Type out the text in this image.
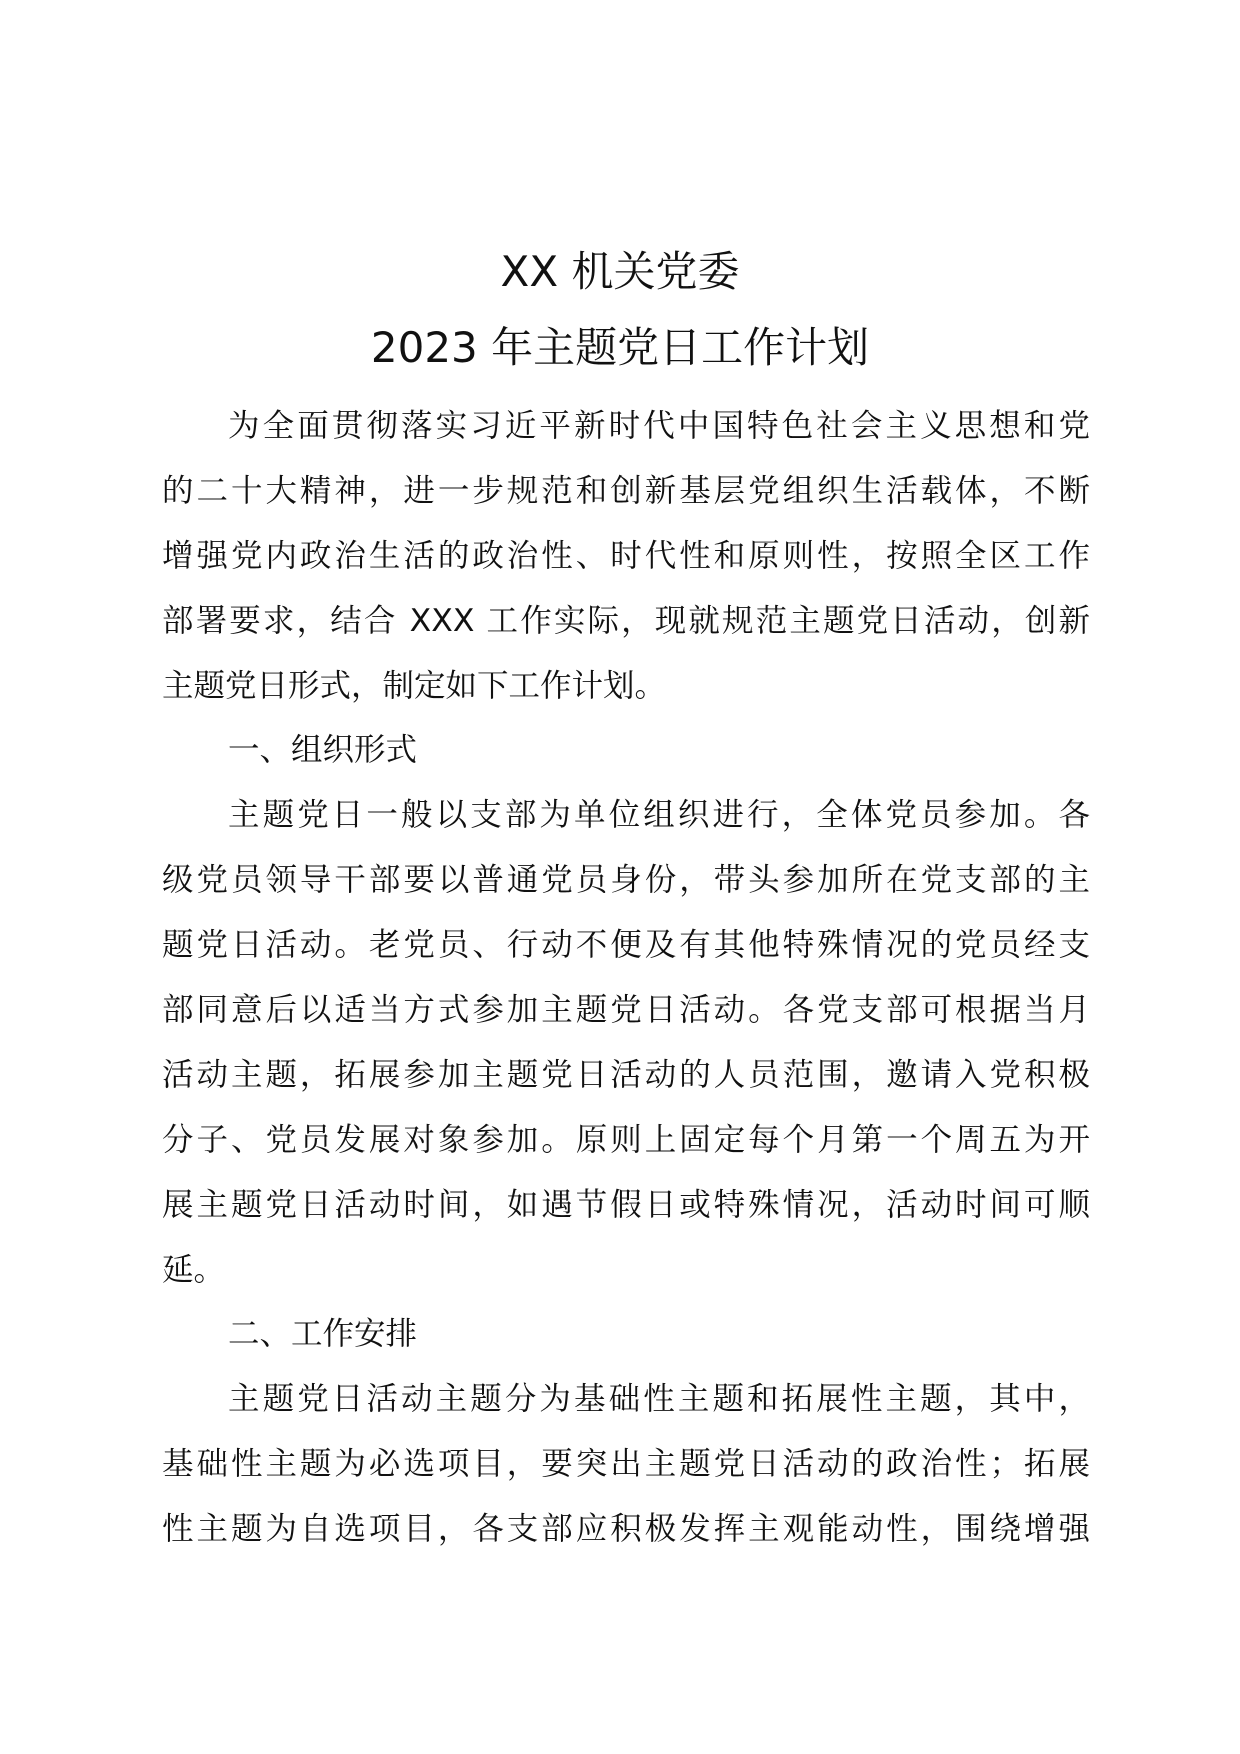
XX 机关党委
2023 年主题党日工作计划
为全面贯彻落实习近平新时代中国特色社会主义思想和党
的二十大精神，进一步规范和创新基层党组织生活载体，不断
增强党内政治生活的政治性、时代性和原则性，按照全区工作
部署要求，结合 XXX 工作实际，现就规范主题党日活动，创新
主题党日形式，制定如下工作计划。
一、组织形式
主题党日一般以支部为单位组织进行，全体党员参加。各
级党员领导干部要以普通党员身份，带头参加所在党支部的主
题党日活动。老党员、行动不便及有其他特殊情况的党员经支
部同意后以适当方式参加主题党日活动。各党支部可根据当月
活动主题，拓展参加主题党日活动的人员范围，邀请入党积极
分子、党员发展对象参加。原则上固定每个月第一个周五为开
展主题党日活动时间，如遇节假日或特殊情况，活动时间可顺
延。
二、工作安排
主题党日活动主题分为基础性主题和拓展性主题，其中，
基础性主题为必选项目，要突出主题党日活动的政治性；拓展
性主题为自选项目，各支部应积极发挥主观能动性，围绕增强
